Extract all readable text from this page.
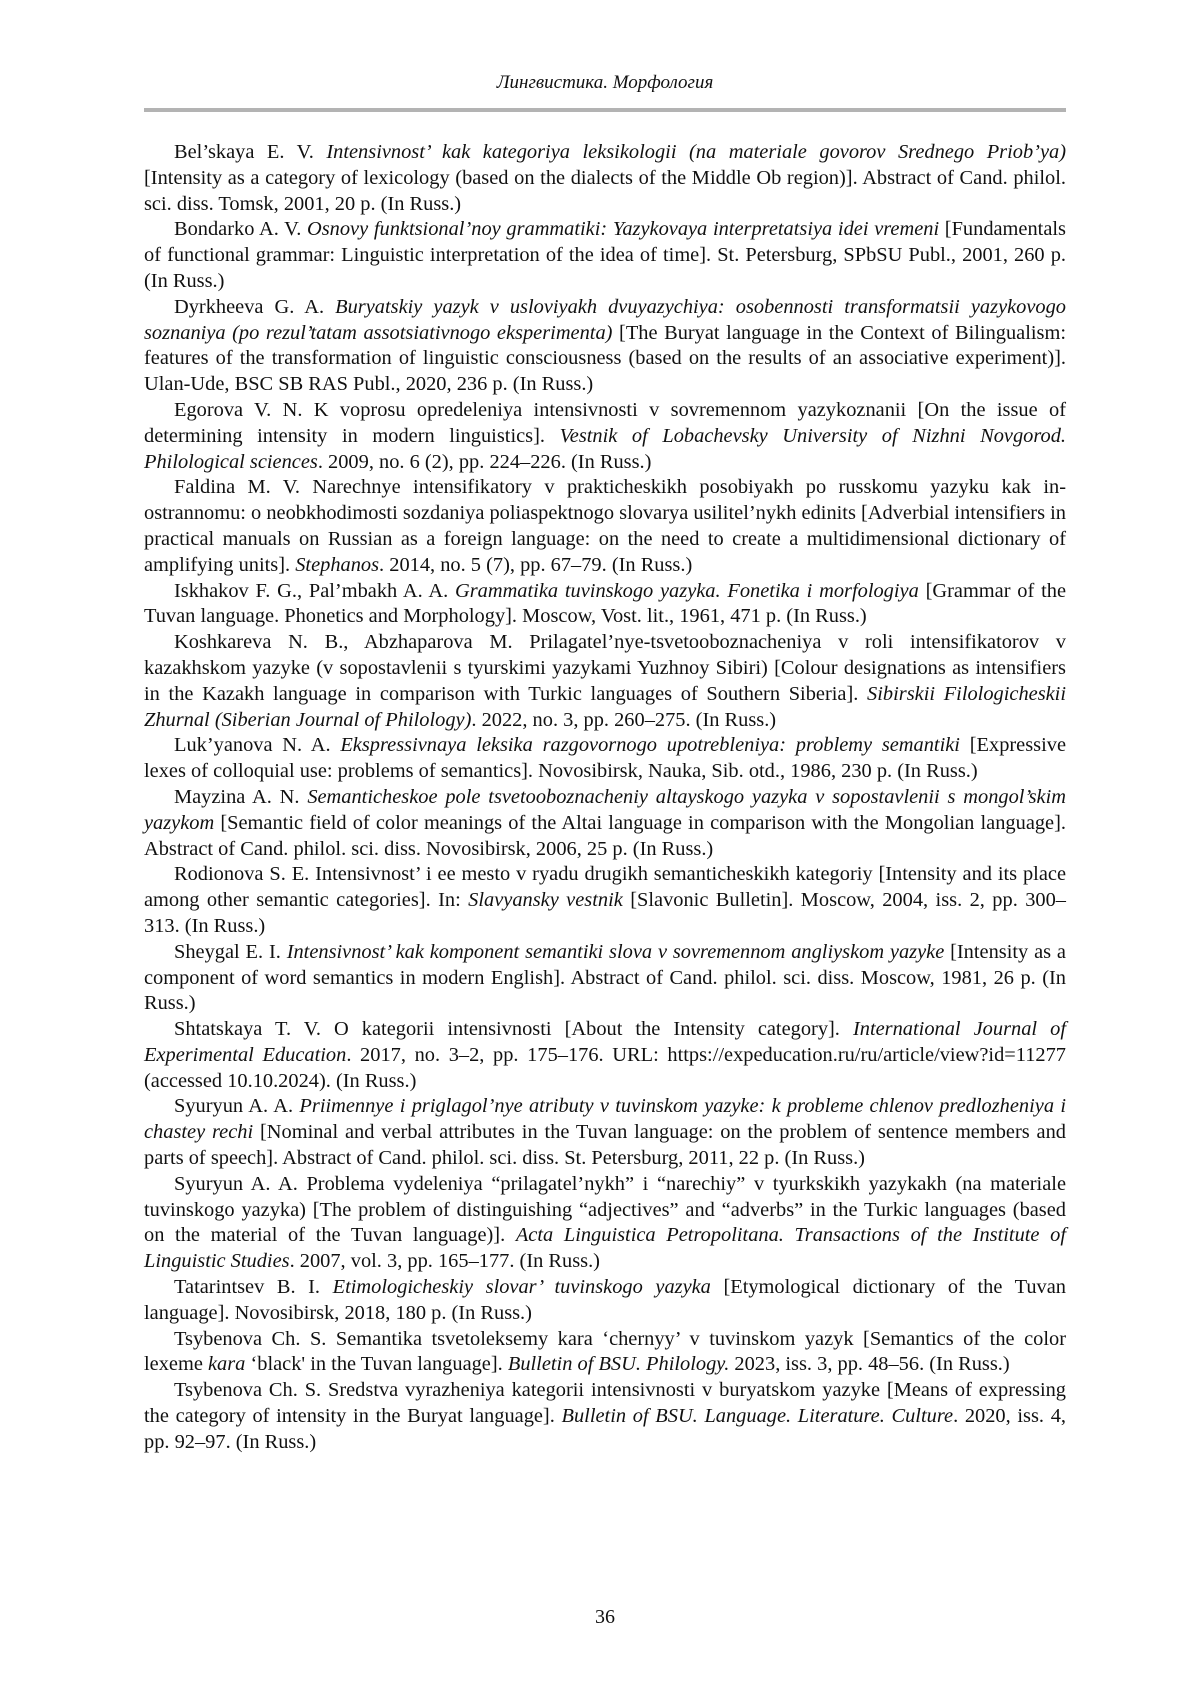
Лингвистика. Морфология

Bel’skaya E. V. Intensivnost’ kak kategoriya leksikologii (na materiale govorov Srednego Priob’ya) [Intensity as a category of lexicology (based on the dialects of the Middle Ob region)]. Abstract of Cand. philol. sci. diss. Tomsk, 2001, 20 p. (In Russ.)

Bondarko A. V. Osnovy funktsional’noy grammatiki: Yazykovaya interpretatsiya idei vremeni [Fundamentals of functional grammar: Linguistic interpretation of the idea of time]. St. Petersburg, SPbSU Publ., 2001, 260 p. (In Russ.)

Dyrkheeva G. A. Buryatskiy yazyk v usloviyakh dvuyazychiya: osobennosti transformatsii yazykovogo soznaniya (po rezul’tatam assotsiativnogo eksperimenta) [The Buryat language in the Context of Bilingualism: features of the transformation of linguistic consciousness (based on the results of an associative experiment)]. Ulan-Ude, BSC SB RAS Publ., 2020, 236 p. (In Russ.)

Egorova V. N. K voprosu opredeleniya intensivnosti v sovremennom yazykoznanii [On the issue of determining intensity in modern linguistics]. Vestnik of Lobachevsky University of Nizhni Novgorod. Philological sciences. 2009, no. 6 (2), pp. 224–226. (In Russ.)

Faldina M. V. Narechnye intensifikatory v prakticheskikh posobiyakh po russkomu yazyku kak inostrannomu: o neobkhodimosti sozdaniya poliaspektnogo slovarya usilitel’nykh edinits [Adverbial intensifiers in practical manuals on Russian as a foreign language: on the need to create a multidimensional dictionary of amplifying units]. Stephanos. 2014, no. 5 (7), pp. 67–79. (In Russ.)

Iskhakov F. G., Pal’mbakh A. A. Grammatika tuvinskogo yazyka. Fonetika i morfologiya [Grammar of the Tuvan language. Phonetics and Morphology]. Moscow, Vost. lit., 1961, 471 p. (In Russ.)

Koshkareva N. B., Abzhaparova M. Prilagatel’nye-tsvetooboznacheniya v roli intensifikatorov v kazakhskom yazyke (v sopostavlenii s tyurskimi yazykami Yuzhnoy Sibiri) [Colour designations as intensifiers in the Kazakh language in comparison with Turkic languages of Southern Siberia]. Sibirskii Filologicheskii Zhurnal (Siberian Journal of Philology). 2022, no. 3, pp. 260–275. (In Russ.)

Luk’yanova N. A. Ekspressivnaya leksika razgovornogo upotrebleniya: problemy semantiki [Expressive lexes of colloquial use: problems of semantics]. Novosibirsk, Nauka, Sib. otd., 1986, 230 p. (In Russ.)

Mayzina A. N. Semanticheskoe pole tsvetooboznacheniy altayskogo yazyka v sopostavlenii s mongol’skim yazykom [Semantic field of color meanings of the Altai language in comparison with the Mongolian language]. Abstract of Cand. philol. sci. diss. Novosibirsk, 2006, 25 p. (In Russ.)

Rodionova S. E. Intensivnost’ i ee mesto v ryadu drugikh semanticheskikh kategoriy [Intensity and its place among other semantic categories]. In: Slavyansky vestnik [Slavonic Bulletin]. Moscow, 2004, iss. 2, pp. 300–313. (In Russ.)

Sheygal E. I. Intensivnost’ kak komponent semantiki slova v sovremennom angliyskom yazyke [Intensity as a component of word semantics in modern English]. Abstract of Cand. philol. sci. diss. Moscow, 1981, 26 p. (In Russ.)

Shtatskaya T. V. O kategorii intensivnosti [About the Intensity category]. International Journal of Experimental Education. 2017, no. 3–2, pp. 175–176. URL: https://expeducation.ru/ru/article/view?id=11277 (accessed 10.10.2024). (In Russ.)

Syuryun A. A. Priimennye i priglagol’nye atributy v tuvinskom yazyke: k probleme chlenov predlozheniya i chastey rechi [Nominal and verbal attributes in the Tuvan language: on the problem of sentence members and parts of speech]. Abstract of Cand. philol. sci. diss. St. Petersburg, 2011, 22 p. (In Russ.)

Syuryun A. A. Problema vydeleniya “prilagatel’nykh” i “narechiy” v tyurkskikh yazykakh (na materiale tuvinskogo yazyka) [The problem of distinguishing “adjectives” and “adverbs” in the Turkic languages (based on the material of the Tuvan language)]. Acta Linguistica Petropolitana. Transactions of the Institute of Linguistic Studies. 2007, vol. 3, pp. 165–177. (In Russ.)

Tatarintsev B. I. Etimologicheskiy slovar’ tuvinskogo yazyka [Etymological dictionary of the Tuvan language]. Novosibirsk, 2018, 180 p. (In Russ.)

Tsybenova Ch. S. Semantika tsvetoleksemy kara ‘chernyy’ v tuvinskom yazyk [Semantics of the color lexeme kara ‘black' in the Tuvan language]. Bulletin of BSU. Philology. 2023, iss. 3, pp. 48–56. (In Russ.)

Tsybenova Ch. S. Sredstva vyrazheniya kategorii intensivnosti v buryatskom yazyke [Means of expressing the category of intensity in the Buryat language]. Bulletin of BSU. Language. Literature. Culture. 2020, iss. 4, pp. 92–97. (In Russ.)

36
